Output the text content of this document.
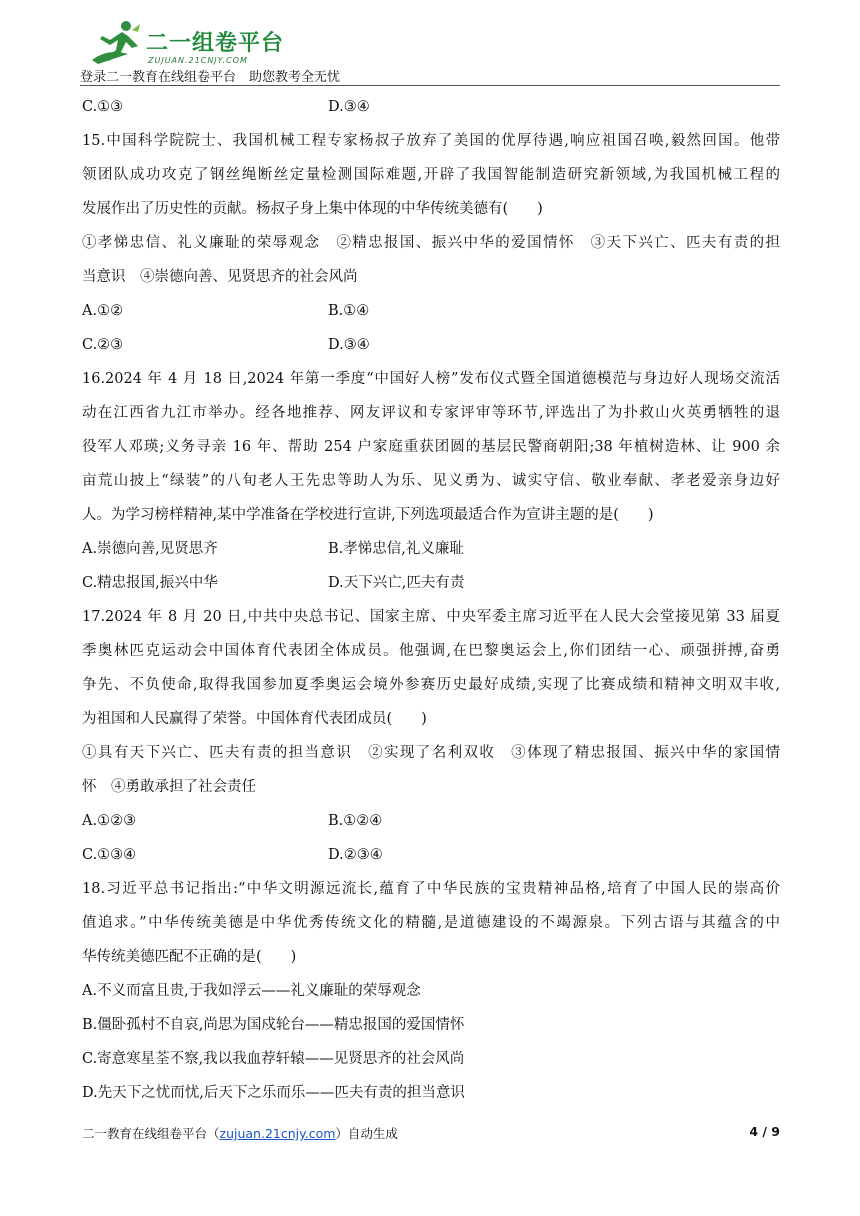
二一组卷平台
ZUJUAN.21CNJY.COM
登录二一教育在线组卷平台　助您教考全无忧
C.①③	D.③④
15.中国科学院院士、我国机械工程专家杨叔子放弃了美国的优厚待遇,响应祖国召唤,毅然回国。他带
领团队成功攻克了钢丝绳断丝定量检测国际难题,开辟了我国智能制造研究新领域,为我国机械工程的
发展作出了历史性的贡献。杨叔子身上集中体现的中华传统美德有(　　)
①孝悌忠信、礼义廉耻的荣辱观念　②精忠报国、振兴中华的爱国情怀　③天下兴亡、匹夫有责的担
当意识　④崇德向善、见贤思齐的社会风尚
A.①②	B.①④
C.②③	D.③④
16.2024 年 4 月 18 日,2024 年第一季度“中国好人榜”发布仪式暨全国道德模范与身边好人现场交流活
动在江西省九江市举办。经各地推荐、网友评议和专家评审等环节,评选出了为扑救山火英勇牺牲的退
役军人邓瑛;义务寻亲 16 年、帮助 254 户家庭重获团圆的基层民警商朝阳;38 年植树造林、让 900 余
亩荒山披上“绿装”的八旬老人王先忠等助人为乐、见义勇为、诚实守信、敬业奉献、孝老爱亲身边好
人。为学习榜样精神,某中学准备在学校进行宣讲,下列选项最适合作为宣讲主题的是(　　)
A.崇德向善,见贤思齐	B.孝悌忠信,礼义廉耻
C.精忠报国,振兴中华	D.天下兴亡,匹夫有责
17.2024 年 8 月 20 日,中共中央总书记、国家主席、中央军委主席习近平在人民大会堂接见第 33 届夏
季奥林匹克运动会中国体育代表团全体成员。他强调,在巴黎奥运会上,你们团结一心、顽强拼搏,奋勇
争先、不负使命,取得我国参加夏季奥运会境外参赛历史最好成绩,实现了比赛成绩和精神文明双丰收,
为祖国和人民赢得了荣誉。中国体育代表团成员(　　)
①具有天下兴亡、匹夫有责的担当意识　②实现了名利双收　③体现了精忠报国、振兴中华的家国情
怀　④勇敢承担了社会责任
A.①②③	B.①②④
C.①③④	D.②③④
18.习近平总书记指出:“中华文明源远流长,蕴育了中华民族的宝贵精神品格,培育了中国人民的崇高价
值追求。”中华传统美德是中华优秀传统文化的精髓,是道德建设的不竭源泉。下列古语与其蕴含的中
华传统美德匹配不正确的是(　　)
A.不义而富且贵,于我如浮云——礼义廉耻的荣辱观念
B.僵卧孤村不自哀,尚思为国戍轮台——精忠报国的爱国情怀
C.寄意寒星荃不察,我以我血荐轩辕——见贤思齐的社会风尚
D.先天下之忧而忧,后天下之乐而乐——匹夫有责的担当意识
二一教育在线组卷平台（zujuan.21cnjy.com）自动生成	4 / 9
